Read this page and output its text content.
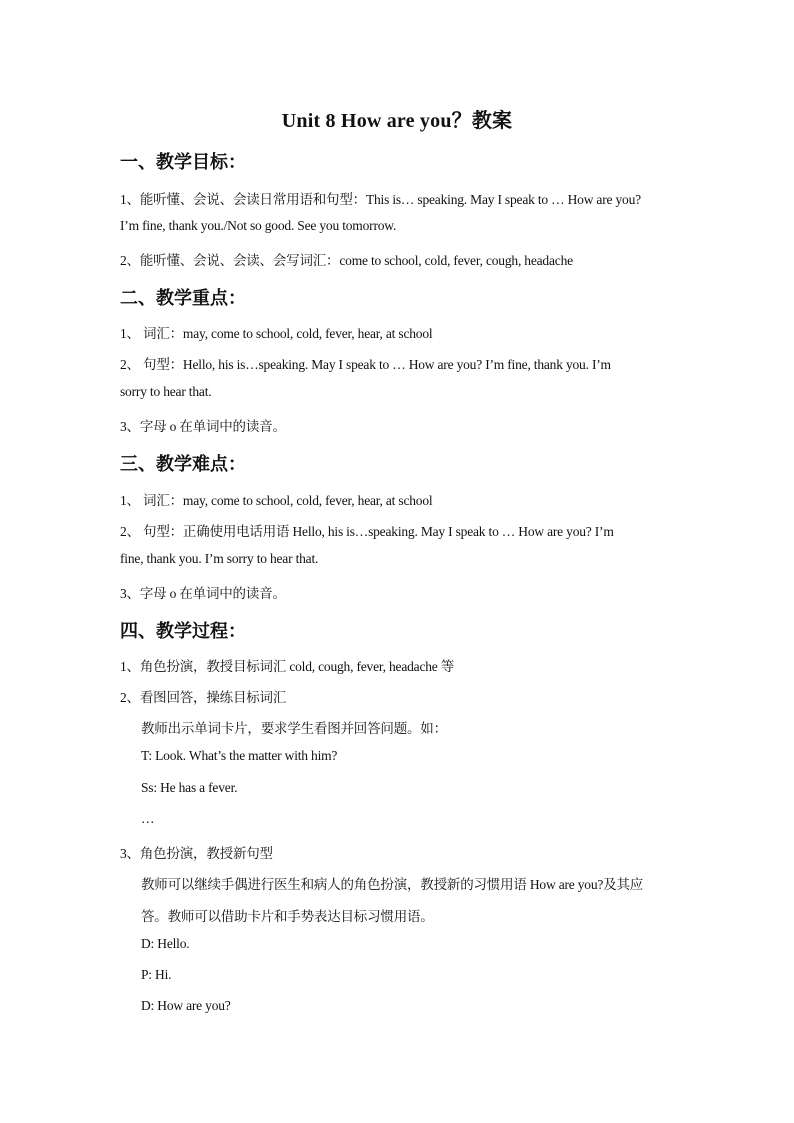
Unit 8 How are you？教案
一、教学目标：
1、能听懂、会说、会读日常用语和句型：This is… speaking. May I speak to … How are you?
I’m fine, thank you./Not so good. See you tomorrow.
2、能听懂、会说、会读、会写词汇：come to school, cold, fever, cough, headache
二、教学重点：
1、 词汇：may, come to school, cold, fever, hear, at school
2、 句型：Hello, his is…speaking. May I speak to … How are you? I’m fine, thank you. I’m
sorry to hear that.
3、字母 o 在单词中的读音。
三、教学难点：
1、 词汇：may, come to school, cold, fever, hear, at school
2、 句型：正确使用电话用语 Hello, his is…speaking. May I speak to … How are you? I’m
fine, thank you. I’m sorry to hear that.
3、字母 o 在单词中的读音。
四、教学过程：
1、角色扮演，教授目标词汇 cold, cough, fever, headache 等
2、看图回答，操练目标词汇
教师出示单词卡片，要求学生看图并回答问题。如：
T: Look. What’s the matter with him?
Ss: He has a fever.
…
3、角色扮演，教授新句型
教师可以继续手偶进行医生和病人的角色扮演，教授新的习惯用语 How are you?及其应
答。教师可以借助卡片和手势表达目标习惯用语。
D: Hello.
P: Hi.
D: How are you?
